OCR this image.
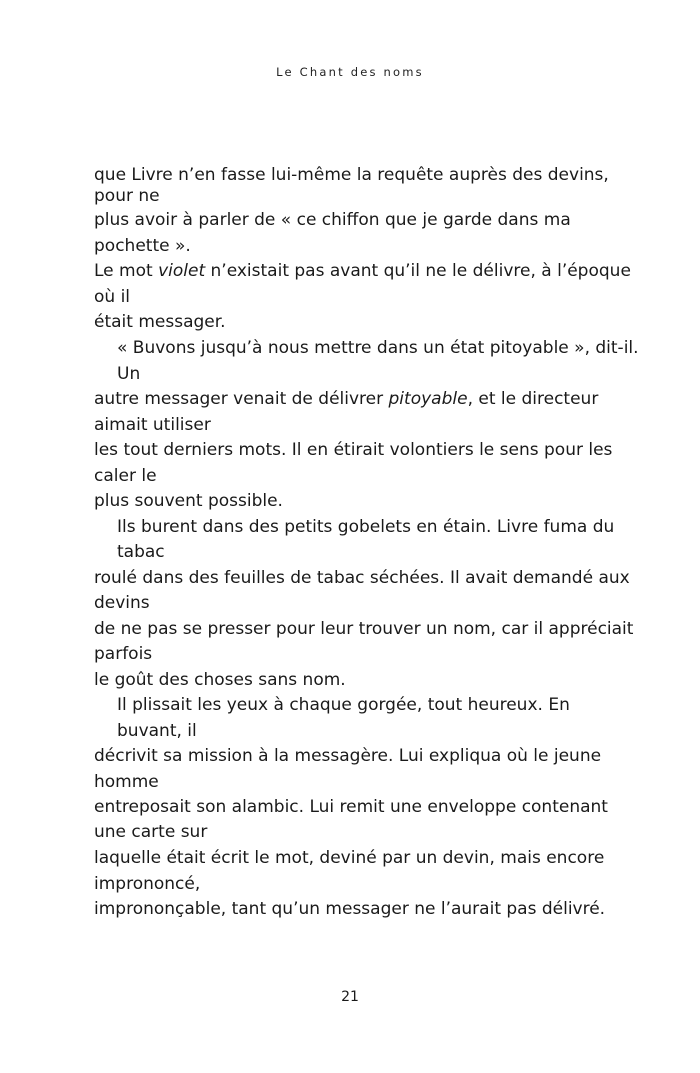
Le Chant des noms
que Livre n’en fasse lui-même la requête auprès des devins,
pour ne
plus avoir à parler de « ce chiffon que je garde dans ma
pochette ».
Le mot violet n’existait pas avant qu’il ne le délivre, à l’époque
où il
était messager.
« Buvons jusqu’à nous mettre dans un état pitoyable », dit-il.
Un
autre messager venait de délivrer pitoyable, et le directeur
aimait utiliser
les tout derniers mots. Il en étirait volontiers le sens pour les
caler le
plus souvent possible.
Ils burent dans des petits gobelets en étain. Livre fuma du
tabac
roulé dans des feuilles de tabac séchées. Il avait demandé aux
devins
de ne pas se presser pour leur trouver un nom, car il appréciait
parfois
le goût des choses sans nom.
Il plissait les yeux à chaque gorgée, tout heureux. En
buvant, il
décrivit sa mission à la messagère. Lui expliqua où le jeune
homme
entreposait son alambic. Lui remit une enveloppe contenant
une carte sur
laquelle était écrit le mot, deviné par un devin, mais encore
imprononcé,
imprononçable, tant qu’un messager ne l’aurait pas délivré.
21
